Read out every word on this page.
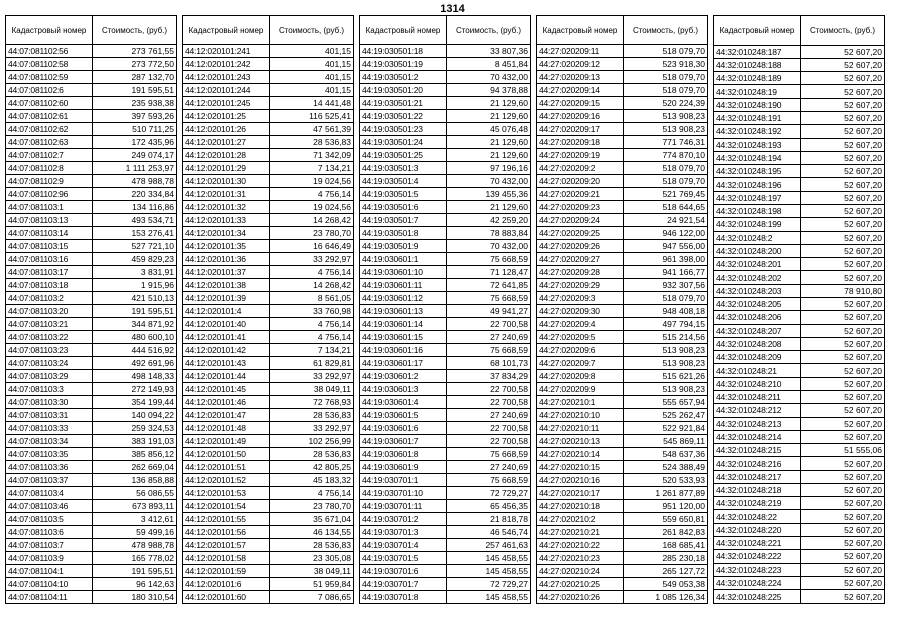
1314
Кадастровый номер	Стоимость, (руб.)
44:07:081102:56	273 761,55
44:07:081102:58	273 772,50
44:07:081102:59	287 132,70
44:07:081102:6	191 595,51
44:07:081102:60	235 938,38
44:07:081102:61	397 593,26
44:07:081102:62	510 711,25
44:07:081102:63	172 435,96
44:07:081102:7	249 074,17
44:07:081102:8	1 111 253,97
44:07:081102:9	478 988,78
44:07:081102:96	220 334,84
44:07:081103:1	134 116,86
44:07:081103:13	493 534,71
44:07:081103:14	153 276,41
44:07:081103:15	527 721,10
44:07:081103:16	459 829,23
44:07:081103:17	3 831,91
44:07:081103:18	1 915,96
44:07:081103:2	421 510,13
44:07:081103:20	191 595,51
44:07:081103:21	344 871,92
44:07:081103:22	480 600,10
44:07:081103:23	444 516,92
44:07:081103:24	492 691,96
44:07:081103:29	498 148,33
44:07:081103:3	272 149,93
44:07:081103:30	354 199,44
44:07:081103:31	140 094,22
44:07:081103:33	259 324,53
44:07:081103:34	383 191,03
44:07:081103:35	385 856,12
44:07:081103:36	262 669,04
44:07:081103:37	136 858,88
44:07:081103:4	56 086,55
44:07:081103:46	673 893,11
44:07:081103:5	3 412,61
44:07:081103:6	59 499,16
44:07:081103:7	478 988,78
44:07:081103:9	165 778,02
44:07:081104:1	191 595,51
44:07:081104:10	96 142,63
44:07:081104:11	180 310,54
Кадастровый номер	Стоимость, (руб.)
44:12:020101:241	401,15
44:12:020101:242	401,15
44:12:020101:243	401,15
44:12:020101:244	401,15
44:12:020101:245	14 441,48
44:12:020101:25	116 525,41
44:12:020101:26	47 561,39
44:12:020101:27	28 536,83
44:12:020101:28	71 342,09
44:12:020101:29	7 134,21
44:12:020101:30	19 024,56
44:12:020101:31	4 756,14
44:12:020101:32	19 024,56
44:12:020101:33	14 268,42
44:12:020101:34	23 780,70
44:12:020101:35	16 646,49
44:12:020101:36	33 292,97
44:12:020101:37	4 756,14
44:12:020101:38	14 268,42
44:12:020101:39	8 561,05
44:12:020101:4	33 760,98
44:12:020101:40	4 756,14
44:12:020101:41	4 756,14
44:12:020101:42	7 134,21
44:12:020101:43	61 829,81
44:12:020101:44	33 292,97
44:12:020101:45	38 049,11
44:12:020101:46	72 768,93
44:12:020101:47	28 536,83
44:12:020101:48	33 292,97
44:12:020101:49	102 256,99
44:12:020101:50	28 536,83
44:12:020101:51	42 805,25
44:12:020101:52	45 183,32
44:12:020101:53	4 756,14
44:12:020101:54	23 780,70
44:12:020101:55	35 671,04
44:12:020101:56	46 134,55
44:12:020101:57	28 536,83
44:12:020101:58	23 305,08
44:12:020101:59	38 049,11
44:12:020101:6	51 959,84
44:12:020101:60	7 086,65
Кадастровый номер	Стоимость, (руб.)
44:19:030501:18	33 807,36
44:19:030501:19	8 451,84
44:19:030501:2	70 432,00
44:19:030501:20	94 378,88
44:19:030501:21	21 129,60
44:19:030501:22	21 129,60
44:19:030501:23	45 076,48
44:19:030501:24	21 129,60
44:19:030501:25	21 129,60
44:19:030501:3	97 196,16
44:19:030501:4	70 432,00
44:19:030501:5	139 455,36
44:19:030501:6	21 129,60
44:19:030501:7	42 259,20
44:19:030501:8	78 883,84
44:19:030501:9	70 432,00
44:19:030601:1	75 668,59
44:19:030601:10	71 128,47
44:19:030601:11	72 641,85
44:19:030601:12	75 668,59
44:19:030601:13	49 941,27
44:19:030601:14	22 700,58
44:19:030601:15	27 240,69
44:19:030601:16	75 668,59
44:19:030601:17	68 101,73
44:19:030601:2	37 834,29
44:19:030601:3	22 700,58
44:19:030601:4	22 700,58
44:19:030601:5	27 240,69
44:19:030601:6	22 700,58
44:19:030601:7	22 700,58
44:19:030601:8	75 668,59
44:19:030601:9	27 240,69
44:19:030701:1	75 668,59
44:19:030701:10	72 729,27
44:19:030701:11	65 456,35
44:19:030701:2	21 818,78
44:19:030701:3	46 546,74
44:19:030701:4	257 461,63
44:19:030701:5	145 458,55
44:19:030701:6	145 458,55
44:19:030701:7	72 729,27
44:19:030701:8	145 458,55
Кадастровый номер	Стоимость, (руб.)
44:27:020209:11	518 079,70
44:27:020209:12	523 918,30
44:27:020209:13	518 079,70
44:27:020209:14	518 079,70
44:27:020209:15	520 224,39
44:27:020209:16	513 908,23
44:27:020209:17	513 908,23
44:27:020209:18	771 746,31
44:27:020209:19	774 870,10
44:27:020209:2	518 079,70
44:27:020209:20	518 079,70
44:27:020209:21	521 769,45
44:27:020209:23	518 644,65
44:27:020209:24	24 921,54
44:27:020209:25	946 122,00
44:27:020209:26	947 556,00
44:27:020209:27	961 398,00
44:27:020209:28	941 166,77
44:27:020209:29	932 307,56
44:27:020209:3	518 079,70
44:27:020209:30	948 408,18
44:27:020209:4	497 794,15
44:27:020209:5	515 214,56
44:27:020209:6	513 908,23
44:27:020209:7	513 908,23
44:27:020209:8	515 621,26
44:27:020209:9	513 908,23
44:27:020210:1	555 657,94
44:27:020210:10	525 262,47
44:27:020210:11	522 921,84
44:27:020210:13	545 869,11
44:27:020210:14	548 637,36
44:27:020210:15	524 388,49
44:27:020210:16	520 533,93
44:27:020210:17	1 261 877,89
44:27:020210:18	951 120,00
44:27:020210:2	559 650,81
44:27:020210:21	261 842,83
44:27:020210:22	168 685,41
44:27:020210:23	285 230,18
44:27:020210:24	265 127,72
44:27:020210:25	549 053,38
44:27:020210:26	1 085 126,34
Кадастровый номер	Стоимость, (руб.)
44:32:010248:187	52 607,20
44:32:010248:188	52 607,20
44:32:010248:189	52 607,20
44:32:010248:19	52 607,20
44:32:010248:190	52 607,20
44:32:010248:191	52 607,20
44:32:010248:192	52 607,20
44:32:010248:193	52 607,20
44:32:010248:194	52 607,20
44:32:010248:195	52 607,20
44:32:010248:196	52 607,20
44:32:010248:197	52 607,20
44:32:010248:198	52 607,20
44:32:010248:199	52 607,20
44:32:010248:2	52 607,20
44:32:010248:200	52 607,20
44:32:010248:201	52 607,20
44:32:010248:202	52 607,20
44:32:010248:203	78 910,80
44:32:010248:205	52 607,20
44:32:010248:206	52 607,20
44:32:010248:207	52 607,20
44:32:010248:208	52 607,20
44:32:010248:209	52 607,20
44:32:010248:21	52 607,20
44:32:010248:210	52 607,20
44:32:010248:211	52 607,20
44:32:010248:212	52 607,20
44:32:010248:213	52 607,20
44:32:010248:214	52 607,20
44:32:010248:215	51 555,06
44:32:010248:216	52 607,20
44:32:010248:217	52 607,20
44:32:010248:218	52 607,20
44:32:010248:219	52 607,20
44:32:010248:22	52 607,20
44:32:010248:220	52 607,20
44:32:010248:221	52 607,20
44:32:010248:222	52 607,20
44:32:010248:223	52 607,20
44:32:010248:224	52 607,20
44:32:010248:225	52 607,20
